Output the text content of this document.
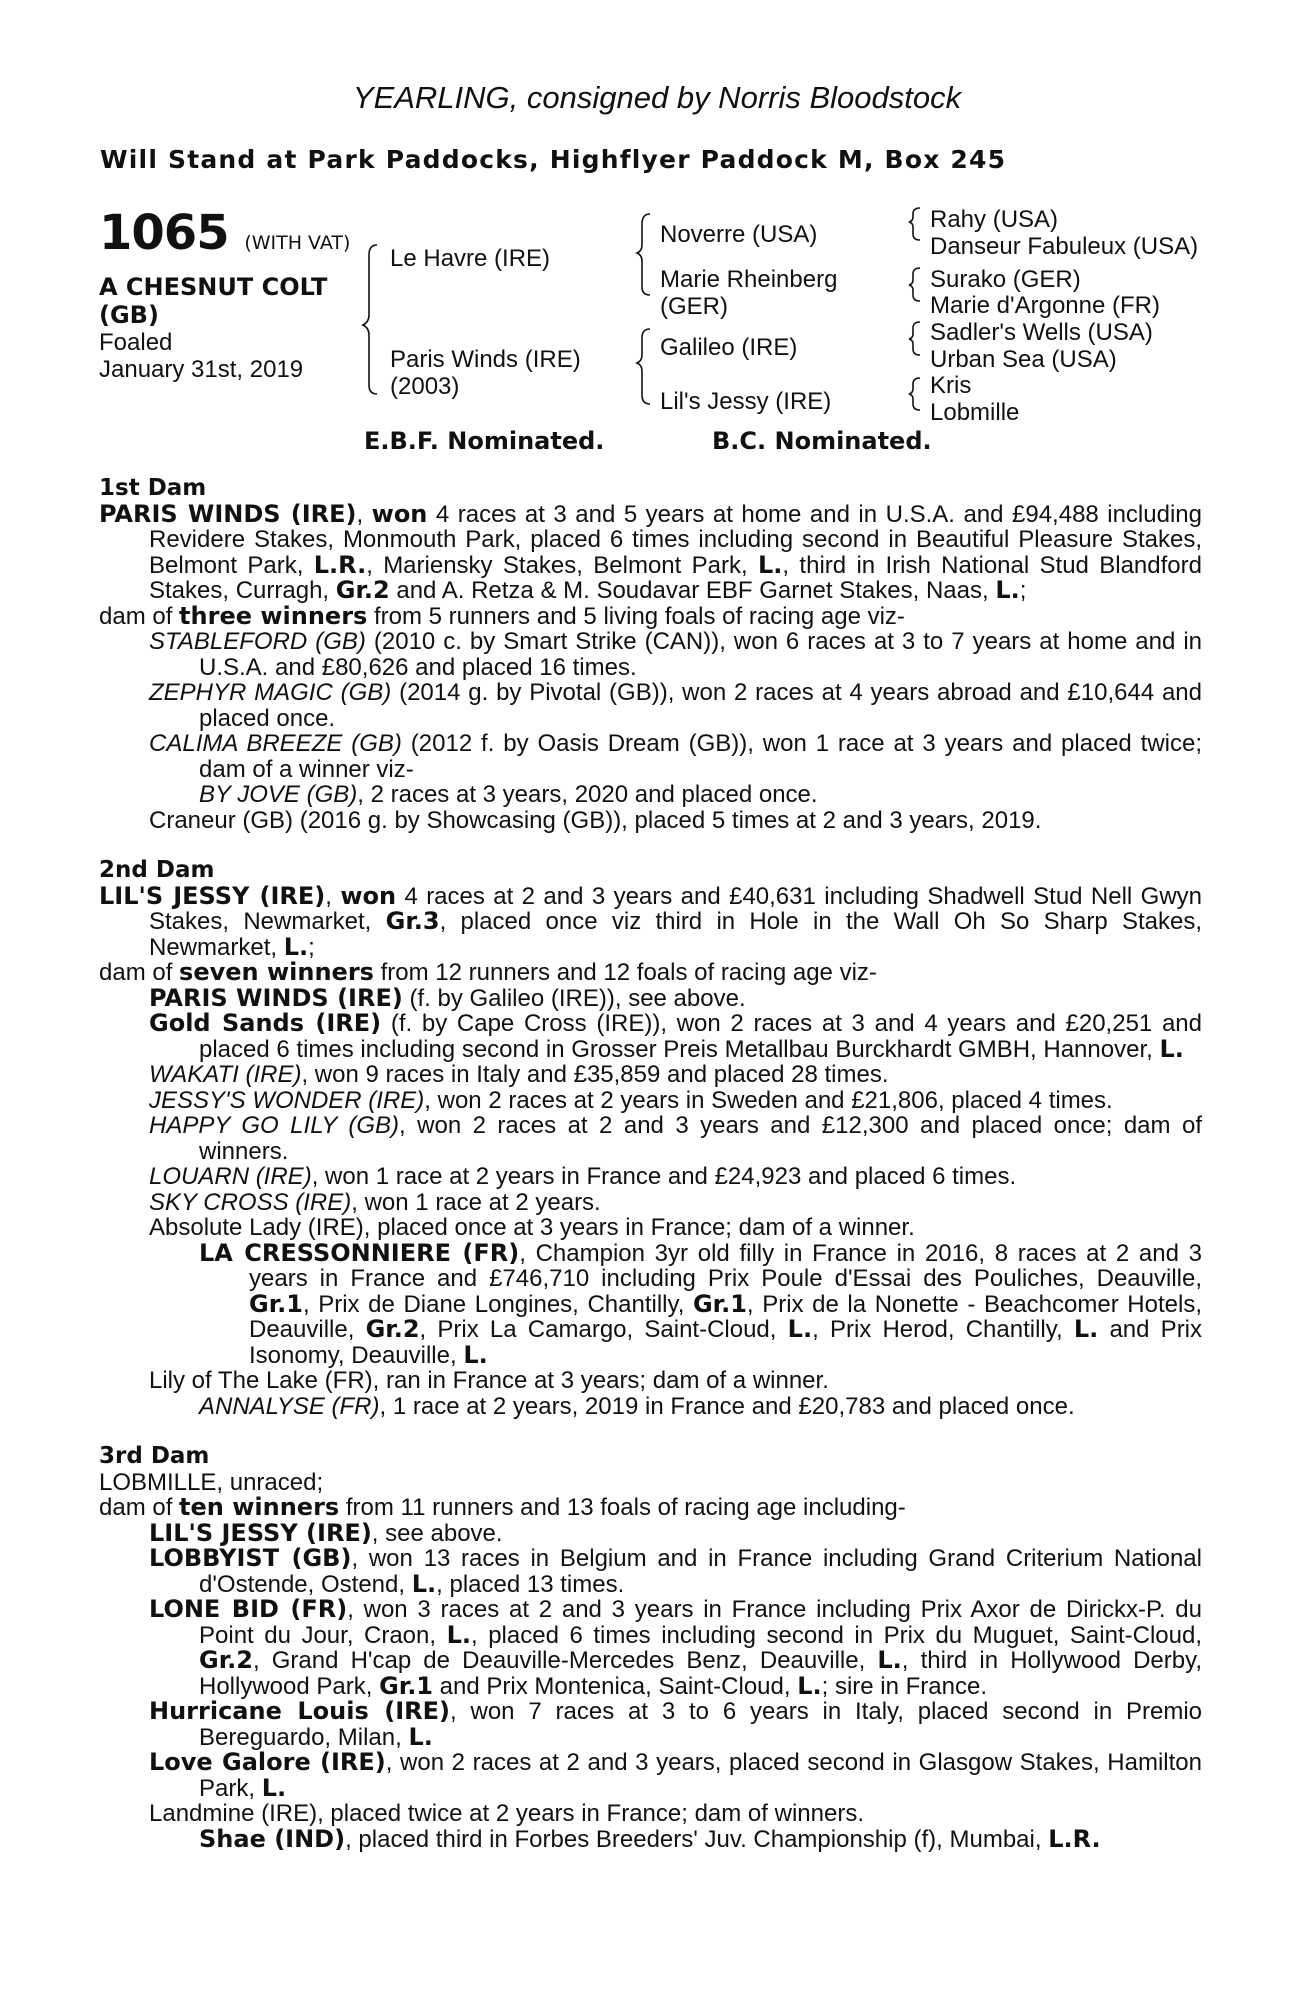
YEARLING, consigned by Norris Bloodstock
Will Stand at Park Paddocks, Highflyer Paddock M, Box 245
1065 (WITH VAT)
A CHESNUT COLT
(GB)
Foaled
January 31st, 2019
Le Havre (IRE)
Paris Winds (IRE)
(2003)
Noverre (USA)
Marie Rheinberg
(GER)
Galileo (IRE)
Lil's Jessy (IRE)
Rahy (USA)
Danseur Fabuleux (USA)
Surako (GER)
Marie d'Argonne (FR)
Sadler's Wells (USA)
Urban Sea (USA)
Kris
Lobmille
E.B.F. Nominated.	B.C. Nominated.
1st Dam
PARIS WINDS (IRE), won 4 races at 3 and 5 years at home and in U.S.A. and £94,488 including Revidere Stakes, Monmouth Park, placed 6 times including second in Beautiful Pleasure Stakes, Belmont Park, L.R., Mariensky Stakes, Belmont Park, L., third in Irish National Stud Blandford Stakes, Curragh, Gr.2 and A. Retza & M. Soudavar EBF Garnet Stakes, Naas, L.;
dam of three winners from 5 runners and 5 living foals of racing age viz-
STABLEFORD (GB) (2010 c. by Smart Strike (CAN)), won 6 races at 3 to 7 years at home and in U.S.A. and £80,626 and placed 16 times.
ZEPHYR MAGIC (GB) (2014 g. by Pivotal (GB)), won 2 races at 4 years abroad and £10,644 and placed once.
CALIMA BREEZE (GB) (2012 f. by Oasis Dream (GB)), won 1 race at 3 years and placed twice; dam of a winner viz-
BY JOVE (GB), 2 races at 3 years, 2020 and placed once.
Craneur (GB) (2016 g. by Showcasing (GB)), placed 5 times at 2 and 3 years, 2019.
2nd Dam
LIL'S JESSY (IRE), won 4 races at 2 and 3 years and £40,631 including Shadwell Stud Nell Gwyn Stakes, Newmarket, Gr.3, placed once viz third in Hole in the Wall Oh So Sharp Stakes, Newmarket, L.;
dam of seven winners from 12 runners and 12 foals of racing age viz-
PARIS WINDS (IRE) (f. by Galileo (IRE)), see above.
Gold Sands (IRE) (f. by Cape Cross (IRE)), won 2 races at 3 and 4 years and £20,251 and placed 6 times including second in Grosser Preis Metallbau Burckhardt GMBH, Hannover, L.
WAKATI (IRE), won 9 races in Italy and £35,859 and placed 28 times.
JESSY'S WONDER (IRE), won 2 races at 2 years in Sweden and £21,806, placed 4 times.
HAPPY GO LILY (GB), won 2 races at 2 and 3 years and £12,300 and placed once; dam of winners.
LOUARN (IRE), won 1 race at 2 years in France and £24,923 and placed 6 times.
SKY CROSS (IRE), won 1 race at 2 years.
Absolute Lady (IRE), placed once at 3 years in France; dam of a winner.
LA CRESSONNIERE (FR), Champion 3yr old filly in France in 2016, 8 races at 2 and 3 years in France and £746,710 including Prix Poule d'Essai des Pouliches, Deauville, Gr.1, Prix de Diane Longines, Chantilly, Gr.1, Prix de la Nonette - Beachcomer Hotels, Deauville, Gr.2, Prix La Camargo, Saint-Cloud, L., Prix Herod, Chantilly, L. and Prix Isonomy, Deauville, L.
Lily of The Lake (FR), ran in France at 3 years; dam of a winner.
ANNALYSE (FR), 1 race at 2 years, 2019 in France and £20,783 and placed once.
3rd Dam
LOBMILLE, unraced;
dam of ten winners from 11 runners and 13 foals of racing age including-
LIL'S JESSY (IRE), see above.
LOBBYIST (GB), won 13 races in Belgium and in France including Grand Criterium National d'Ostende, Ostend, L., placed 13 times.
LONE BID (FR), won 3 races at 2 and 3 years in France including Prix Axor de Dirickx-P. du Point du Jour, Craon, L., placed 6 times including second in Prix du Muguet, Saint-Cloud, Gr.2, Grand H'cap de Deauville-Mercedes Benz, Deauville, L., third in Hollywood Derby, Hollywood Park, Gr.1 and Prix Montenica, Saint-Cloud, L.; sire in France.
Hurricane Louis (IRE), won 7 races at 3 to 6 years in Italy, placed second in Premio Bereguardo, Milan, L.
Love Galore (IRE), won 2 races at 2 and 3 years, placed second in Glasgow Stakes, Hamilton Park, L.
Landmine (IRE), placed twice at 2 years in France; dam of winners.
Shae (IND), placed third in Forbes Breeders' Juv. Championship (f), Mumbai, L.R.
